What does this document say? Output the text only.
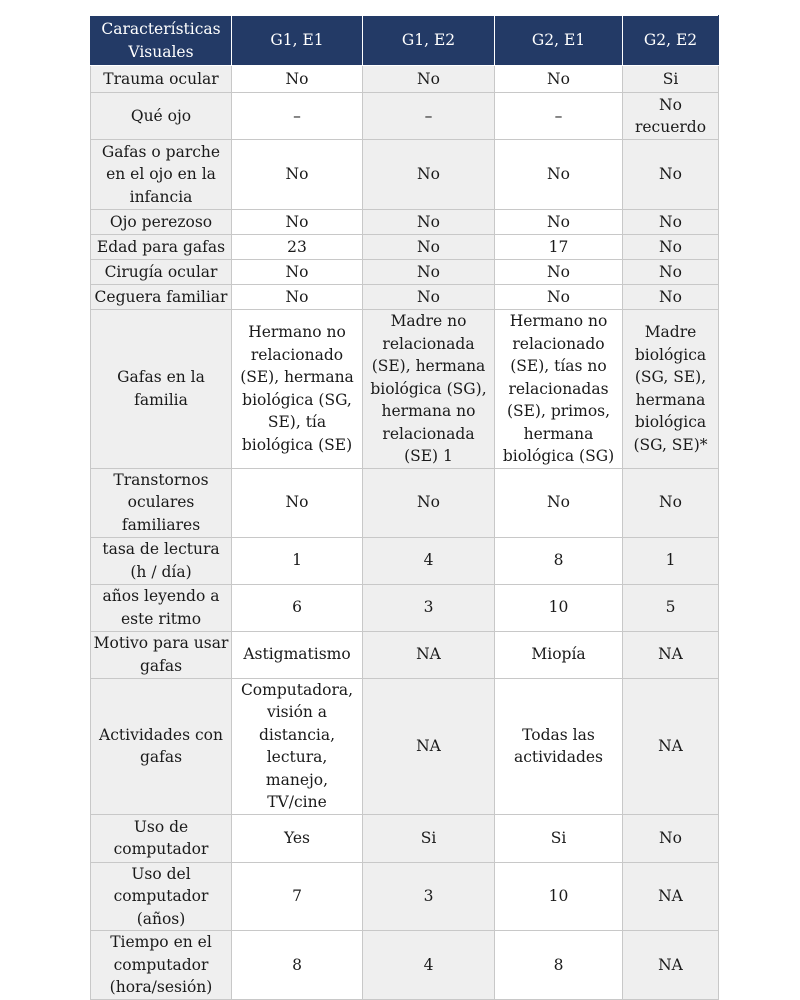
Características Visuales	G1, E1	G1, E2	G2, E1	G2, E2
Trauma ocular	No	No	No	Si
Qué ojo	–	–	–	No recuerdo
Gafas o parche en el ojo en la infancia	No	No	No	No
Ojo perezoso	No	No	No	No
Edad para gafas	23	No	17	No
Cirugía ocular	No	No	No	No
Ceguera familiar	No	No	No	No
Gafas en la familia	Hermano no relacionado (SE), hermana biológica (SG, SE), tía biológica (SE)	Madre no relacionada (SE), hermana biológica (SG), hermana no relacionada (SE) 1	Hermano no relacionado (SE), tías no relacionadas (SE), primos, hermana biológica (SG)	Madre biológica (SG, SE), hermana biológica (SG, SE)*
Transtornos oculares familiares	No	No	No	No
tasa de lectura (h / día)	1	4	8	1
años leyendo a este ritmo	6	3	10	5
Motivo para usar gafas	Astigmatismo	NA	Miopía	NA
Actividades con gafas	Computadora, visión a distancia, lectura, manejo, TV/cine	NA	Todas las actividades	NA
Uso de computador	Yes	Si	Si	No
Uso del computador (años)	7	3	10	NA
Tiempo en el computador (hora/sesión)	8	4	8	NA
